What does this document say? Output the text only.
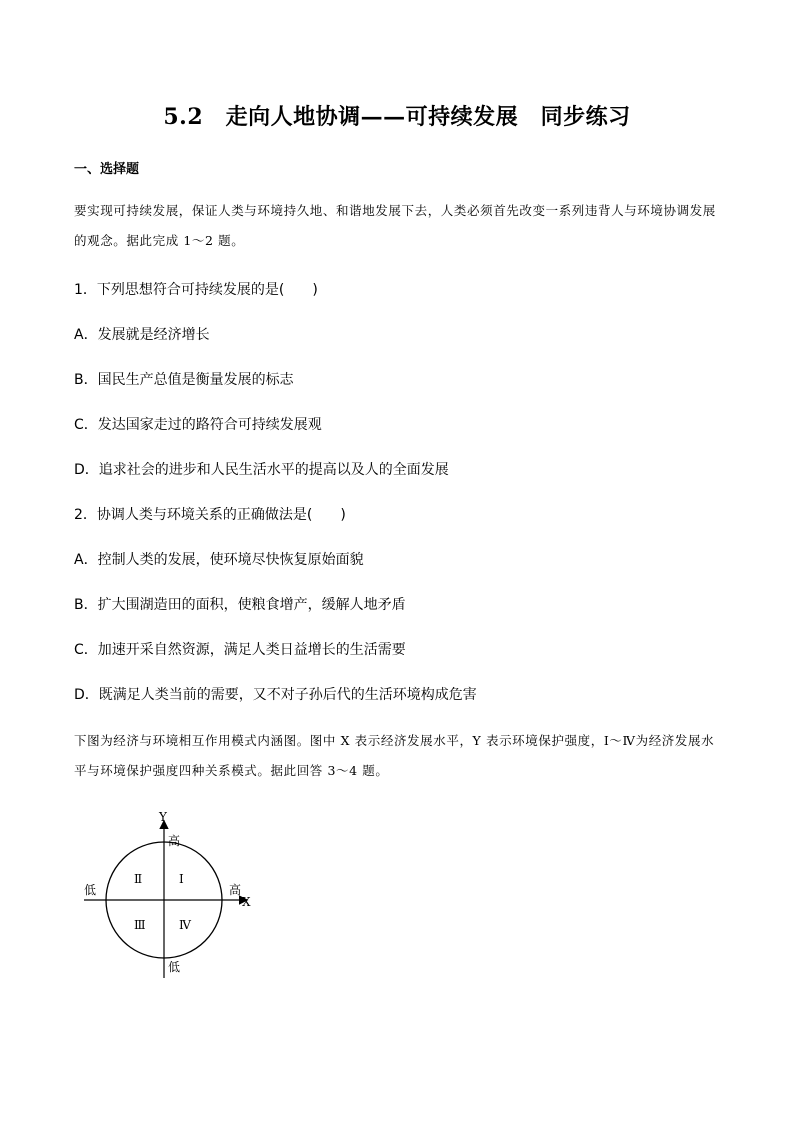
5.2　走向人地协调——可持续发展　同步练习
一、选择题
要实现可持续发展，保证人类与环境持久地、和谐地发展下去，人类必须首先改变一系列违背人与环境协调发展的观念。据此完成 1～2 题。
1．下列思想符合可持续发展的是(　　)
A．发展就是经济增长
B．国民生产总值是衡量发展的标志
C．发达国家走过的路符合可持续发展观
D．追求社会的进步和人民生活水平的提高以及人的全面发展
2．协调人类与环境关系的正确做法是(　　)
A．控制人类的发展，使环境尽快恢复原始面貌
B．扩大围湖造田的面积，使粮食增产，缓解人地矛盾
C．加速开采自然资源，满足人类日益增长的生活需要
D．既满足人类当前的需要，又不对子孙后代的生活环境构成危害
下图为经济与环境相互作用模式内涵图。图中 X 表示经济发展水平，Y 表示环境保护强度，Ⅰ～Ⅳ为经济发展水平与环境保护强度四种关系模式。据此回答 3～4 题。
Y
高
低
低	高
X
Ⅰ
Ⅱ
Ⅲ	Ⅳ
